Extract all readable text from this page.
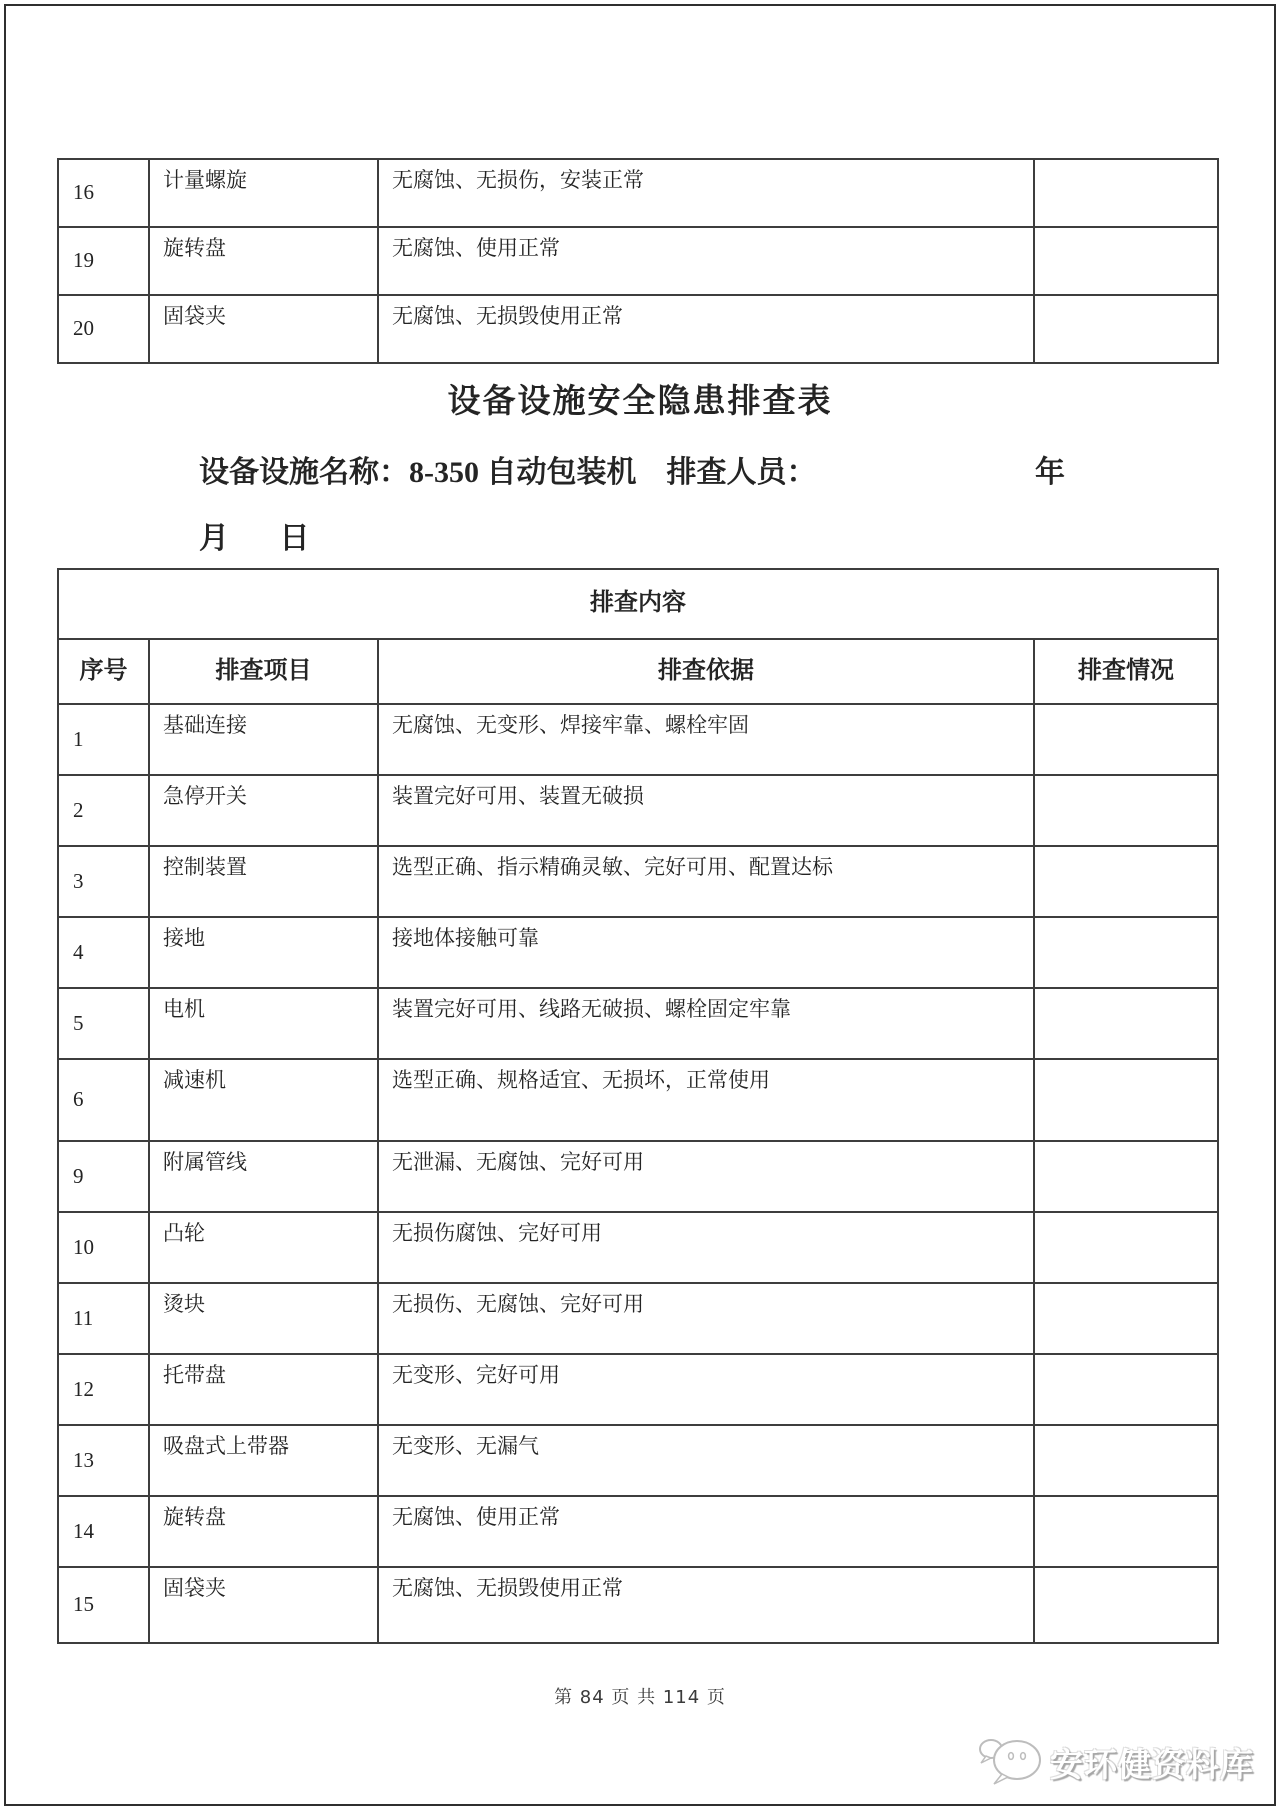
16	计量螺旋	无腐蚀、无损伤，安装正常	
19	旋转盘	无腐蚀、使用正常	
20	固袋夹	无腐蚀、无损毁使用正常	
设备设施安全隐患排查表
设备设施名称：8-350 自动包装机　排查人员：	年
月 日
排查内容			
序号	排查项目	排查依据	排查情况
1	基础连接	无腐蚀、无变形、焊接牢靠、螺栓牢固	
2	急停开关	装置完好可用、装置无破损	
3	控制装置	选型正确、指示精确灵敏、完好可用、配置达标	
4	接地	接地体接触可靠	
5	电机	装置完好可用、线路无破损、螺栓固定牢靠	
6	减速机	选型正确、规格适宜、无损坏，正常使用	
9	附属管线	无泄漏、无腐蚀、完好可用	
10	凸轮	无损伤腐蚀、完好可用	
11	烫块	无损伤、无腐蚀、完好可用	
12	托带盘	无变形、完好可用	
13	吸盘式上带器	无变形、无漏气	
14	旋转盘	无腐蚀、使用正常	
15	固袋夹	无腐蚀、无损毁使用正常	
第 84 页 共 114 页
安环健资料库
